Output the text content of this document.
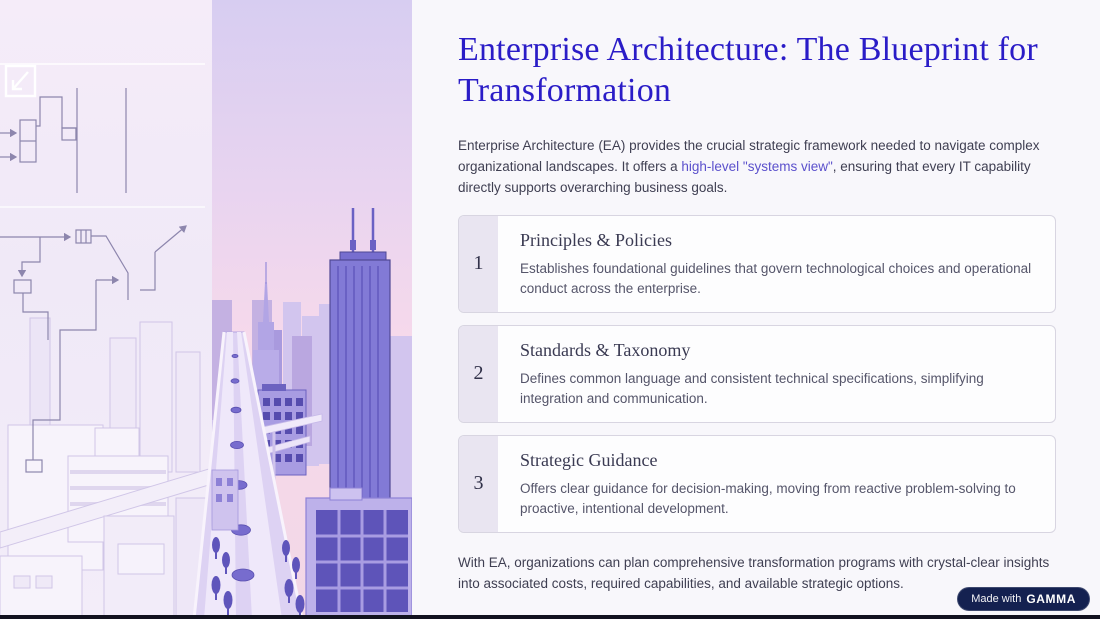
Enterprise Architecture: The Blueprint for Transformation

Enterprise Architecture (EA) provides the crucial strategic framework needed to navigate complex organizational landscapes. It offers a high-level "systems view", ensuring that every IT capability directly supports overarching business goals.

1
Principles & Policies
Establishes foundational guidelines that govern technological choices and operational conduct across the enterprise.
2
Standards & Taxonomy
Defines common language and consistent technical specifications, simplifying integration and communication.
3
Strategic Guidance
Offers clear guidance for decision-making, moving from reactive problem-solving to proactive, intentional development.

With EA, organizations can plan comprehensive transformation programs with crystal-clear insights into associated costs, required capabilities, and available strategic options.

Made with GAMMA
